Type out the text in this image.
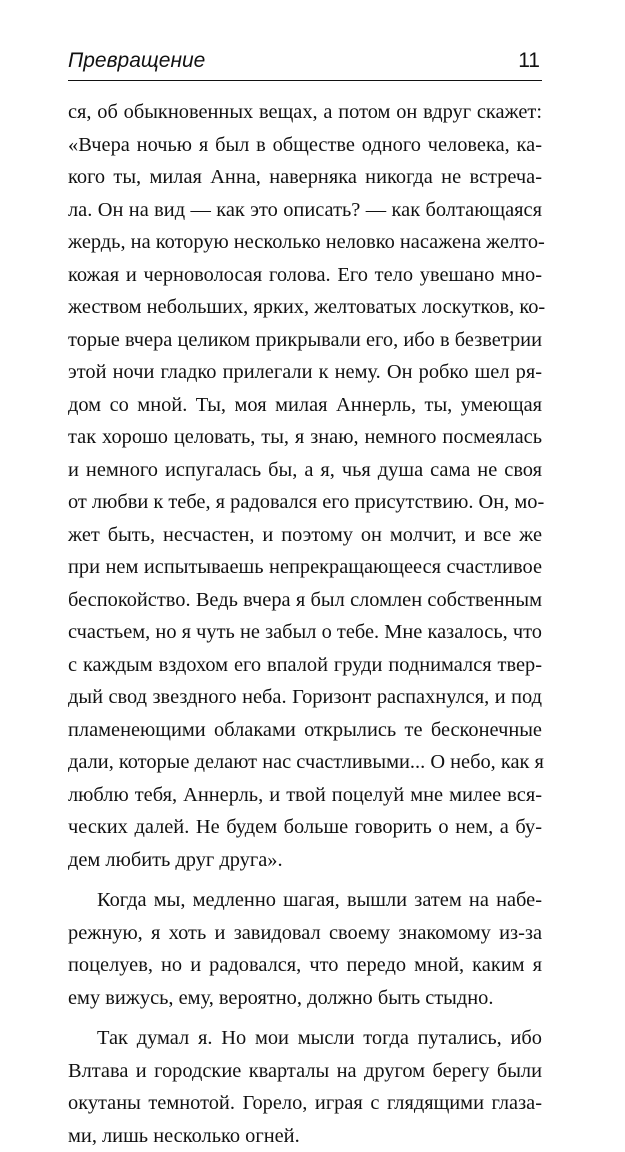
Превращение	11
ся, об обыкновенных вещах, а потом он вдруг скажет:
«Вчера ночью я был в обществе одного человека, ка-
кого ты, милая Анна, наверняка никогда не встреча-
ла. Он на вид — как это описать? — как болтающаяся
жердь, на которую несколько неловко насажена желто-
кожая и черноволосая голова. Его тело увешано мно-
жеством небольших, ярких, желтоватых лоскутков, ко-
торые вчера целиком прикрывали его, ибо в безветрии
этой ночи гладко прилегали к нему. Он робко шел ря-
дом со мной. Ты, моя милая Аннерль, ты, умеющая
так хорошо целовать, ты, я знаю, немного посмеялась
и немного испугалась бы, а я, чья душа сама не своя
от любви к тебе, я радовался его присутствию. Он, мо-
жет быть, несчастен, и поэтому он молчит, и все же
при нем испытываешь непрекращающееся счастливое
беспокойство. Ведь вчера я был сломлен собственным
счастьем, но я чуть не забыл о тебе. Мне казалось, что
с каждым вздохом его впалой груди поднимался твер-
дый свод звездного неба. Горизонт распахнулся, и под
пламенеющими облаками открылись те бесконечные
дали, которые делают нас счастливыми... О небо, как я
люблю тебя, Аннерль, и твой поцелуй мне милее вся-
ческих далей. Не будем больше говорить о нем, а бу-
дем любить друг друга».
Когда мы, медленно шагая, вышли затем на набе-
режную, я хоть и завидовал своему знакомому из-за
поцелуев, но и радовался, что передо мной, каким я
ему вижусь, ему, вероятно, должно быть стыдно.
Так думал я. Но мои мысли тогда путались, ибо
Влтава и городские кварталы на другом берегу были
окутаны темнотой. Горело, играя с глядящими глаза-
ми, лишь несколько огней.
